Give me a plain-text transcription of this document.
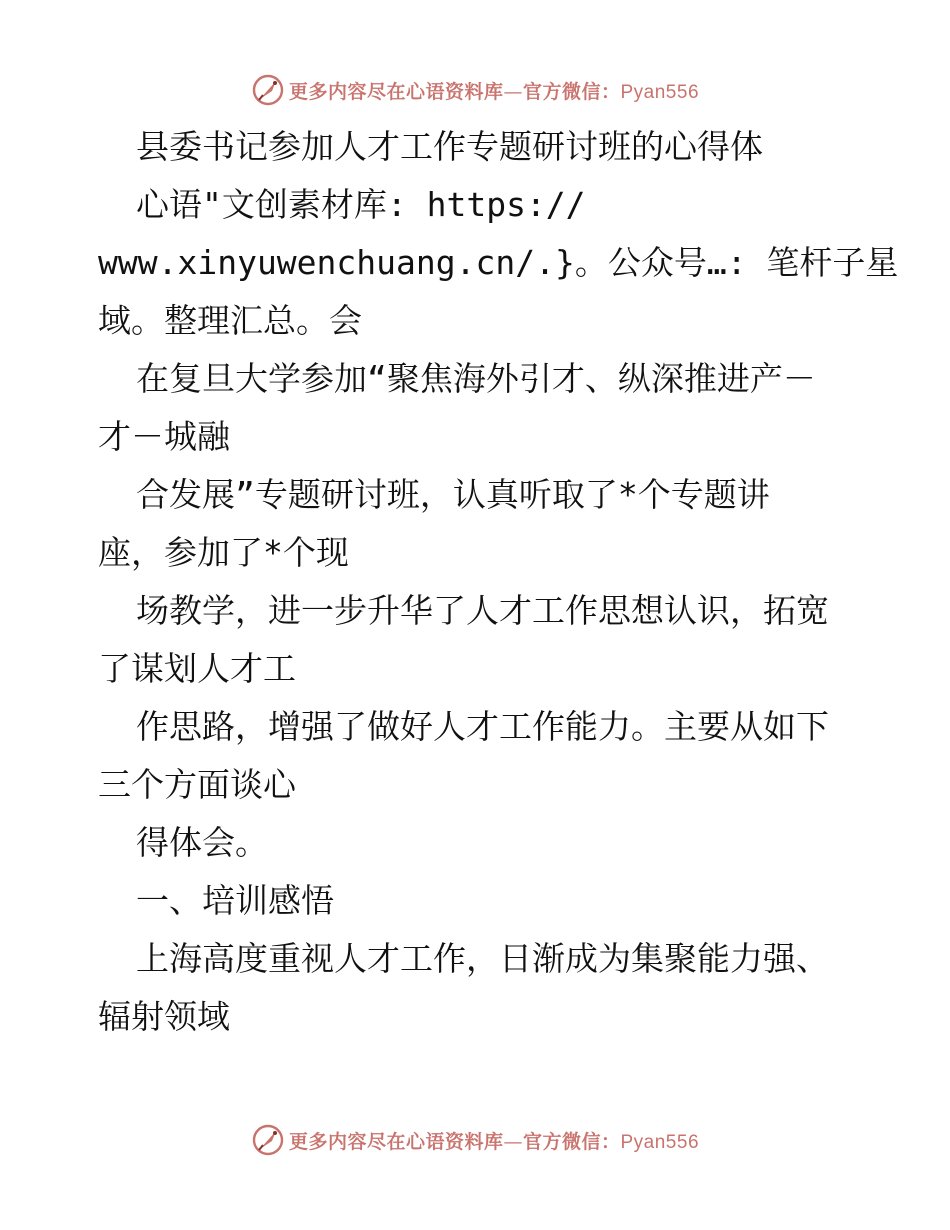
更多内容尽在心语资料库—官方微信：Pyan556
县委书记参加人才工作专题研讨班的心得体
心语"文创素材库: https://
www.xinyuwenchuang.cn/.}。公众号…: 笔杆子星
域。整理汇总。会
在复旦大学参加“聚焦海外引才、纵深推进产－
才－城融
合发展”专题研讨班，认真听取了*个专题讲
座，参加了*个现
场教学，进一步升华了人才工作思想认识，拓宽
了谋划人才工
作思路，增强了做好人才工作能力。主要从如下
三个方面谈心
得体会。
一、培训感悟
上海高度重视人才工作，日渐成为集聚能力强、
辐射领域
更多内容尽在心语资料库—官方微信：Pyan556
